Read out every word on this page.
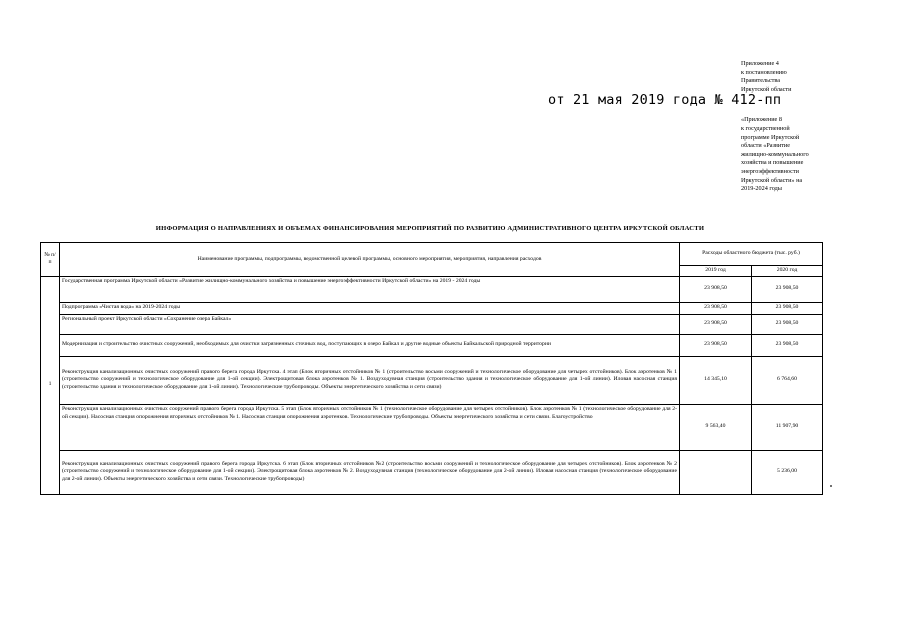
Приложение 4
к постановлению
Правительства
Иркутской области
«Приложение 8
к государственной
программе Иркутской
области «Развитие
жилищно-коммунального
хозяйства и повышение
энергоэффективности
Иркутской области» на
2019-2024 годы
от 21 мая 2019 года № 412-пп
ИНФОРМАЦИЯ О НАПРАВЛЕНИЯХ И ОБЪЕМАХ ФИНАНСИРОВАНИЯ МЕРОПРИЯТИЙ ПО РАЗВИТИЮ АДМИНИСТРАТИВНОГО ЦЕНТРА ИРКУТСКОЙ ОБЛАСТИ
№ п/п	Наименование программы, подпрограммы, ведомственной целевой программы, основного мероприятия, мероприятия, направления расходов	Расходы областного бюджета (тыс. руб.)	
		2019 год	2020 год
1	Государственная программа Иркутской области «Развитие жилищно-коммунального хозяйства и повышение энергоэффективности Иркутской области» на 2019 - 2024 годы	23 908,50	23 908,50
	Подпрограмма «Чистая вода» на 2019-2024 годы	23 908,50	23 908,50
	Региональный проект Иркутской области «Сохранение озера Байкал»	23 908,50	23 908,50
	Модернизация и строительство очистных сооружений, необходимых для очистки загрязненных сточных вод, поступающих в озеро Байкал и другие водные объекты Байкальской природной территории	23 908,50	23 908,50
	Реконструкция канализационных очистных сооружений правого берега города Иркутска. 4 этап (Блок вторичных отстойников № 1 (строительство восьми сооружений и технологическое оборудование для четырех отстойников). Блок аэротенков № 1 (строительство сооружений и технологическое оборудование для 1-ой секции). Электрощитовая блока аэротенков № 1. Воздуходувная станция (строительство здания и технологическое оборудование для 1-ой линии). Иловая насосная станция (строительство здания и технологическое оборудование для 1-ой линии). Технологические трубопроводы. Объекты энергетического хозяйства и сети связи)	14 345,10	6 764,60
	Реконструкция канализационных очистных сооружений правого берега города Иркутска. 5 этап (Блок вторичных отстойников № 1 (технологическое оборудование для четырех отстойников). Блок аэротенков № 1 (технологическое оборудование для 2-ой секции). Насосная станция опорожнения вторичных отстойников № 1. Насосная станция опорожнения аэротенков. Технологические трубопроводы. Объекты энергетического хозяйства и сети связи. Благоустройство	9 563,40	11 907,90
	Реконструкция канализационных очистных сооружений правого берега города Иркутска. 6 этап (Блок вторичных отстойников №2 (строительство восьми сооружений и технологическое оборудование для четырех отстойников). Блок аэротенков № 2 (строительство сооружений и технологическое оборудование для 1-ой секции). Электрощитовая блока аэротенков № 2. Воздуходувная станция (технологическое оборудование для 2-ой линии). Иловая насосная станция (технологическое оборудование для 2-ой линии). Объекты энергетического хозяйства и сети связи. Технологические трубопроводы)		5 236,00
